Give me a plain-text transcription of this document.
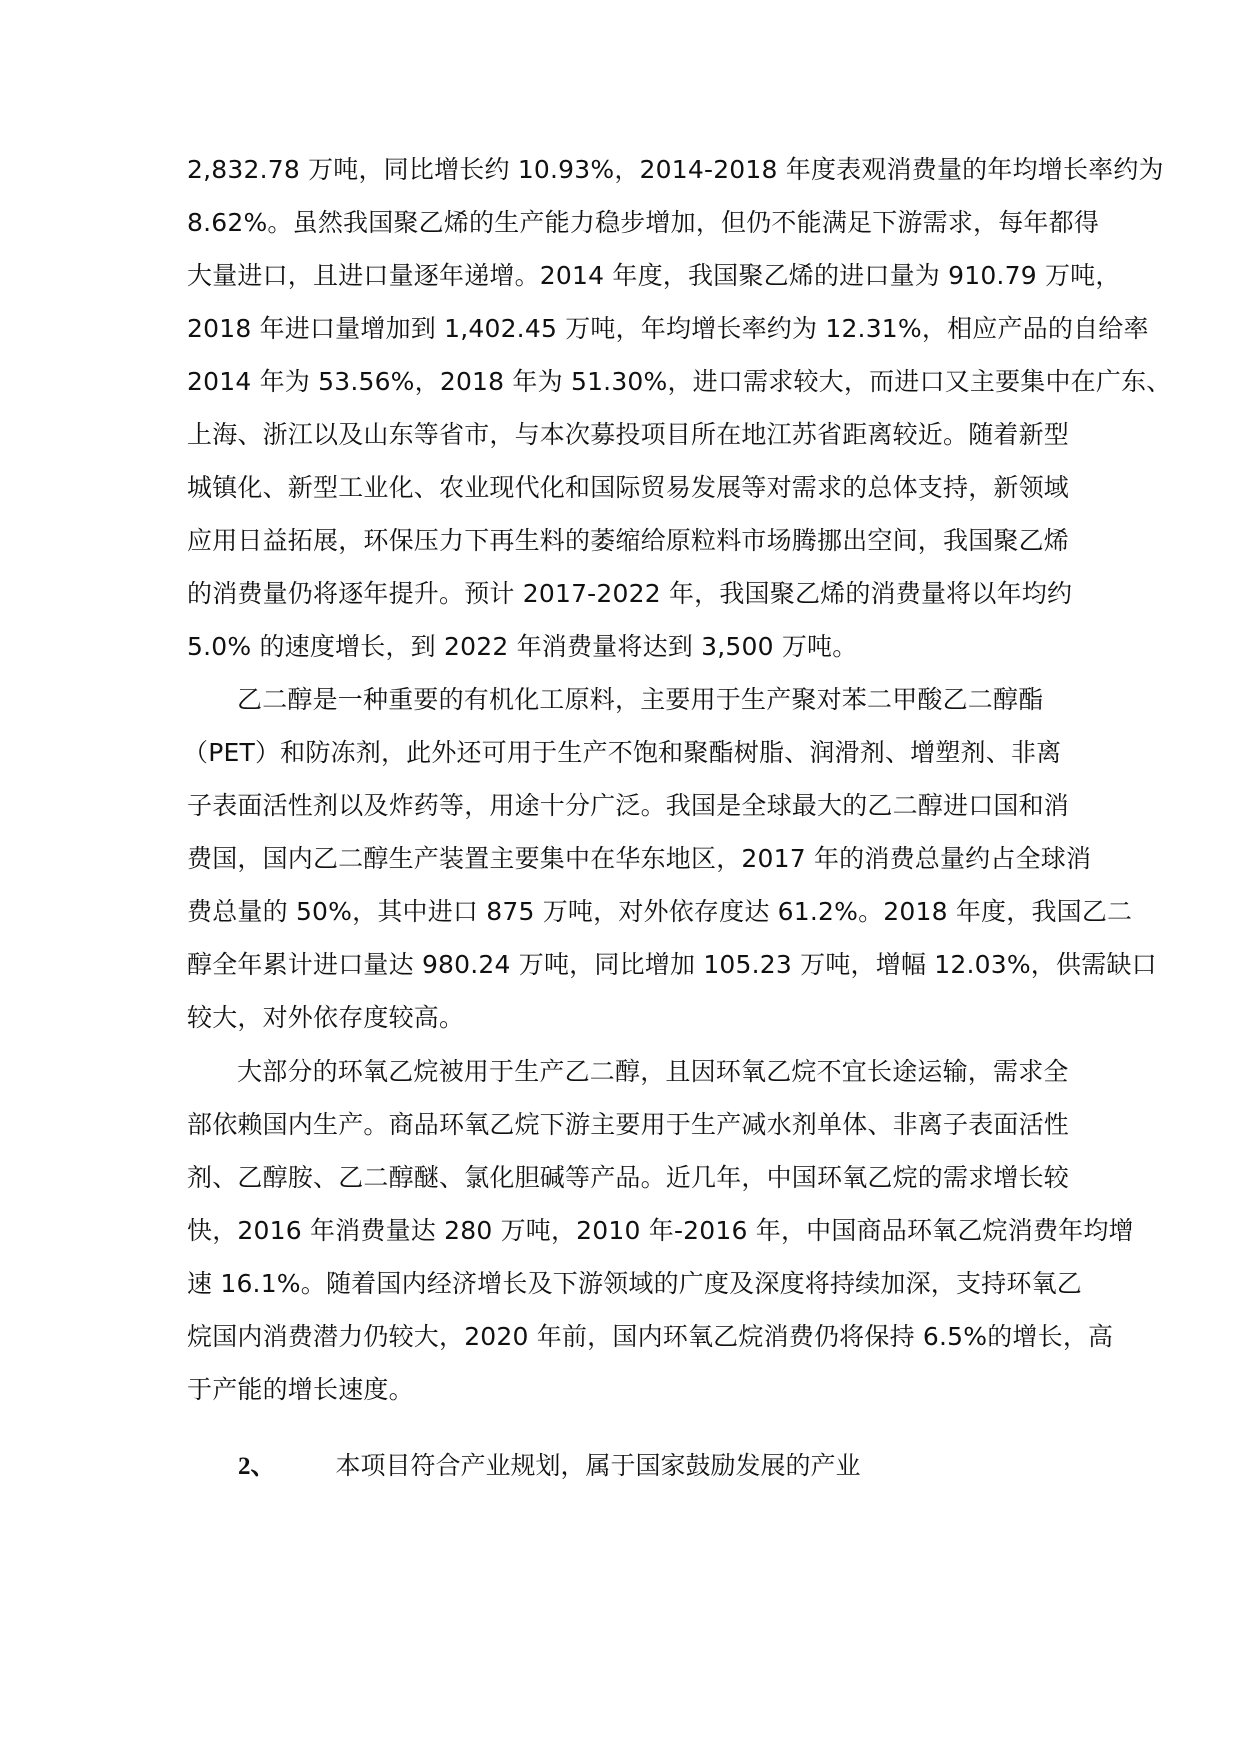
2,832.78 万吨，同比增长约 10.93%，2014-2018 年度表观消费量的年均增长率约为
8.62%。虽然我国聚乙烯的生产能力稳步增加，但仍不能满足下游需求，每年都得
大量进口，且进口量逐年递增。2014 年度，我国聚乙烯的进口量为 910.79 万吨，
2018 年进口量增加到 1,402.45 万吨，年均增长率约为 12.31%，相应产品的自给率
2014 年为 53.56%，2018 年为 51.30%，进口需求较大，而进口又主要集中在广东、
上海、浙江以及山东等省市，与本次募投项目所在地江苏省距离较近。随着新型
城镇化、新型工业化、农业现代化和国际贸易发展等对需求的总体支持，新领域
应用日益拓展，环保压力下再生料的萎缩给原粒料市场腾挪出空间，我国聚乙烯
的消费量仍将逐年提升。预计 2017-2022 年，我国聚乙烯的消费量将以年均约
5.0% 的速度增长，到 2022 年消费量将达到 3,500 万吨。
乙二醇是一种重要的有机化工原料，主要用于生产聚对苯二甲酸乙二醇酯
（PET）和防冻剂，此外还可用于生产不饱和聚酯树脂、润滑剂、增塑剂、非离
子表面活性剂以及炸药等，用途十分广泛。我国是全球最大的乙二醇进口国和消
费国，国内乙二醇生产装置主要集中在华东地区，2017 年的消费总量约占全球消
费总量的 50%，其中进口 875 万吨，对外依存度达 61.2%。2018 年度，我国乙二
醇全年累计进口量达 980.24 万吨，同比增加 105.23 万吨，增幅 12.03%，供需缺口
较大，对外依存度较高。
大部分的环氧乙烷被用于生产乙二醇，且因环氧乙烷不宜长途运输，需求全
部依赖国内生产。商品环氧乙烷下游主要用于生产减水剂单体、非离子表面活性
剂、乙醇胺、乙二醇醚、氯化胆碱等产品。近几年，中国环氧乙烷的需求增长较
快，2016 年消费量达 280 万吨，2010 年-2016 年，中国商品环氧乙烷消费年均增
速 16.1%。随着国内经济增长及下游领域的广度及深度将持续加深，支持环氧乙
烷国内消费潜力仍较大，2020 年前，国内环氧乙烷消费仍将保持 6.5%的增长，高
于产能的增长速度。
2、 本项目符合产业规划，属于国家鼓励发展的产业
